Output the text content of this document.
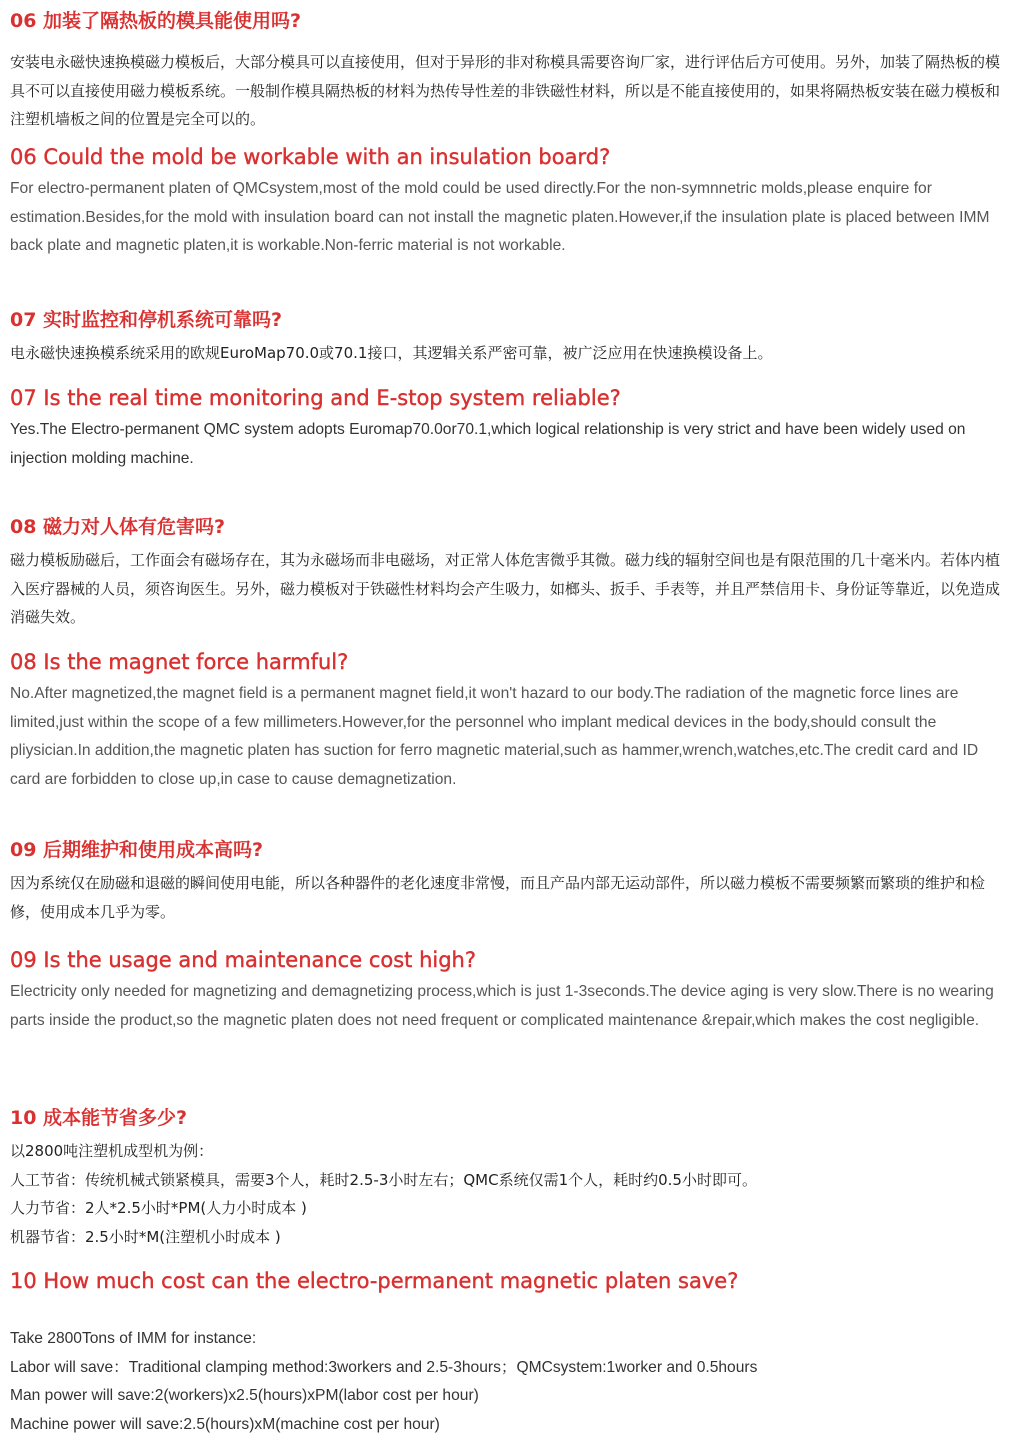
06 加装了隔热板的模具能使用吗?

安装电永磁快速换模磁力模板后，大部分模具可以直接使用，但对于异形的非对称模具需要咨询厂家，进行评估后方可使用。另外，加装了隔热板的模具不可以直接使用磁力模板系统。一般制作模具隔热板的材料为热传导性差的非铁磁性材料，所以是不能直接使用的，如果将隔热板安装在磁力模板和注塑机墙板之间的位置是完全可以的。

06 Could the mold be workable with an insulation board?

For electro-permanent platen of QMCsystem,most of the mold could be used directly.For the non-symnnetric molds,please enquire for estimation.Besides,for the mold with insulation board can not install the magnetic platen.However,if the insulation plate is placed between IMM back plate and magnetic platen,it is workable.Non-ferric material is not workable.

07 实时监控和停机系统可靠吗?

电永磁快速换模系统采用的欧规EuroMap70.0或70.1接口，其逻辑关系严密可靠，被广泛应用在快速换模设备上。

07 Is the real time monitoring and E-stop system reliable?

Yes.The Electro-permanent QMC system adopts Euromap70.0or70.1,which logical relationship is very strict and have been widely used on injection molding machine.

08 磁力对人体有危害吗?

磁力模板励磁后，工作面会有磁场存在，其为永磁场而非电磁场，对正常人体危害微乎其微。磁力线的辐射空间也是有限范围的几十毫米内。若体内植入医疗器械的人员，须咨询医生。另外，磁力模板对于铁磁性材料均会产生吸力，如榔头、扳手、手表等，并且严禁信用卡、身份证等靠近，以免造成消磁失效。

08 Is the magnet force harmful?

No.After magnetized,the magnet field is a permanent magnet field,it won't hazard to our body.The radiation of the magnetic force lines are limited,just within the scope of a few millimeters.However,for the personnel who implant medical devices in the body,should consult the pliysician.In addition,the magnetic platen has suction for ferro magnetic material,such as hammer,wrench,watches,etc.The credit card and ID card are forbidden to close up,in case to cause demagnetization.

09 后期维护和使用成本高吗?

因为系统仅在励磁和退磁的瞬间使用电能，所以各种器件的老化速度非常慢，而且产品内部无运动部件，所以磁力模板不需要频繁而繁琐的维护和检修，使用成本几乎为零。

09 Is the usage and maintenance cost high?

Electricity only needed for magnetizing and demagnetizing process,which is just 1-3seconds.The device aging is very slow.There is no wearing parts inside the product,so the magnetic platen does not need frequent or complicated maintenance &repair,which makes the cost negligible.

10 成本能节省多少?

以2800吨注塑机成型机为例：

人工节省：传统机械式锁紧模具，需要3个人，耗时2.5-3小时左右；QMC系统仅需1个人，耗时约0.5小时即可。

人力节省：2人*2.5小时*PM(人力小时成本 )

机器节省：2.5小时*M(注塑机小时成本 )

10 How much cost can the electro-permanent magnetic platen save?

Take 2800Tons of IMM for instance:

Labor will save：Traditional clamping method:3workers and 2.5-3hours；QMCsystem:1worker and 0.5hours

Man power will save:2(workers)x2.5(hours)xPM(labor cost per hour)

Machine power will save:2.5(hours)xM(machine cost per hour)
